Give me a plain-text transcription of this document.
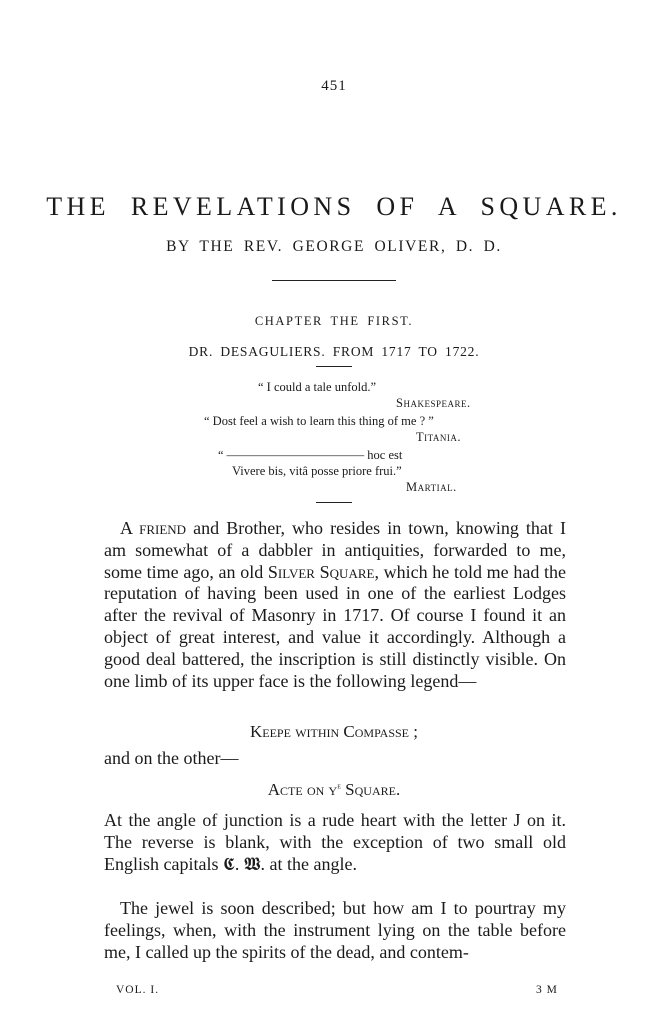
451
THE REVELATIONS OF A SQUARE.
BY THE REV. GEORGE OLIVER, D. D.
CHAPTER THE FIRST.
DR. DESAGULIERS. FROM 1717 TO 1722.
“ I could a tale unfold.”
Shakespeare.
“ Dost feel a wish to learn this thing of me ? ”
Titania.
“ ——————————— hoc est
Vivere bis, vitâ posse priore frui.”
Martial.

A friend and Brother, who resides in town, knowing that I am somewhat of a dabbler in antiquities, forwarded to me, some time ago, an old Silver Square, which he told me had the reputation of having been used in one of the earliest Lodges after the revival of Masonry in 1717. Of course I found it an object of great interest, and value it accordingly. Although a good deal battered, the inscription is still distinctly visible. On one limb of its upper face is the following legend—

Keepe within Compasse ;
and on the other—
Acte on $y^e$ Square.

At the angle of junction is a rude heart with the letter J on it. The reverse is blank, with the exception of two small old English capitals 𝕮. 𝖂. at the angle.

The jewel is soon described; but how am I to pourtray my feelings, when, with the instrument lying on the table before me, I called up the spirits of the dead, and contem-

VOL. I.	3 M
